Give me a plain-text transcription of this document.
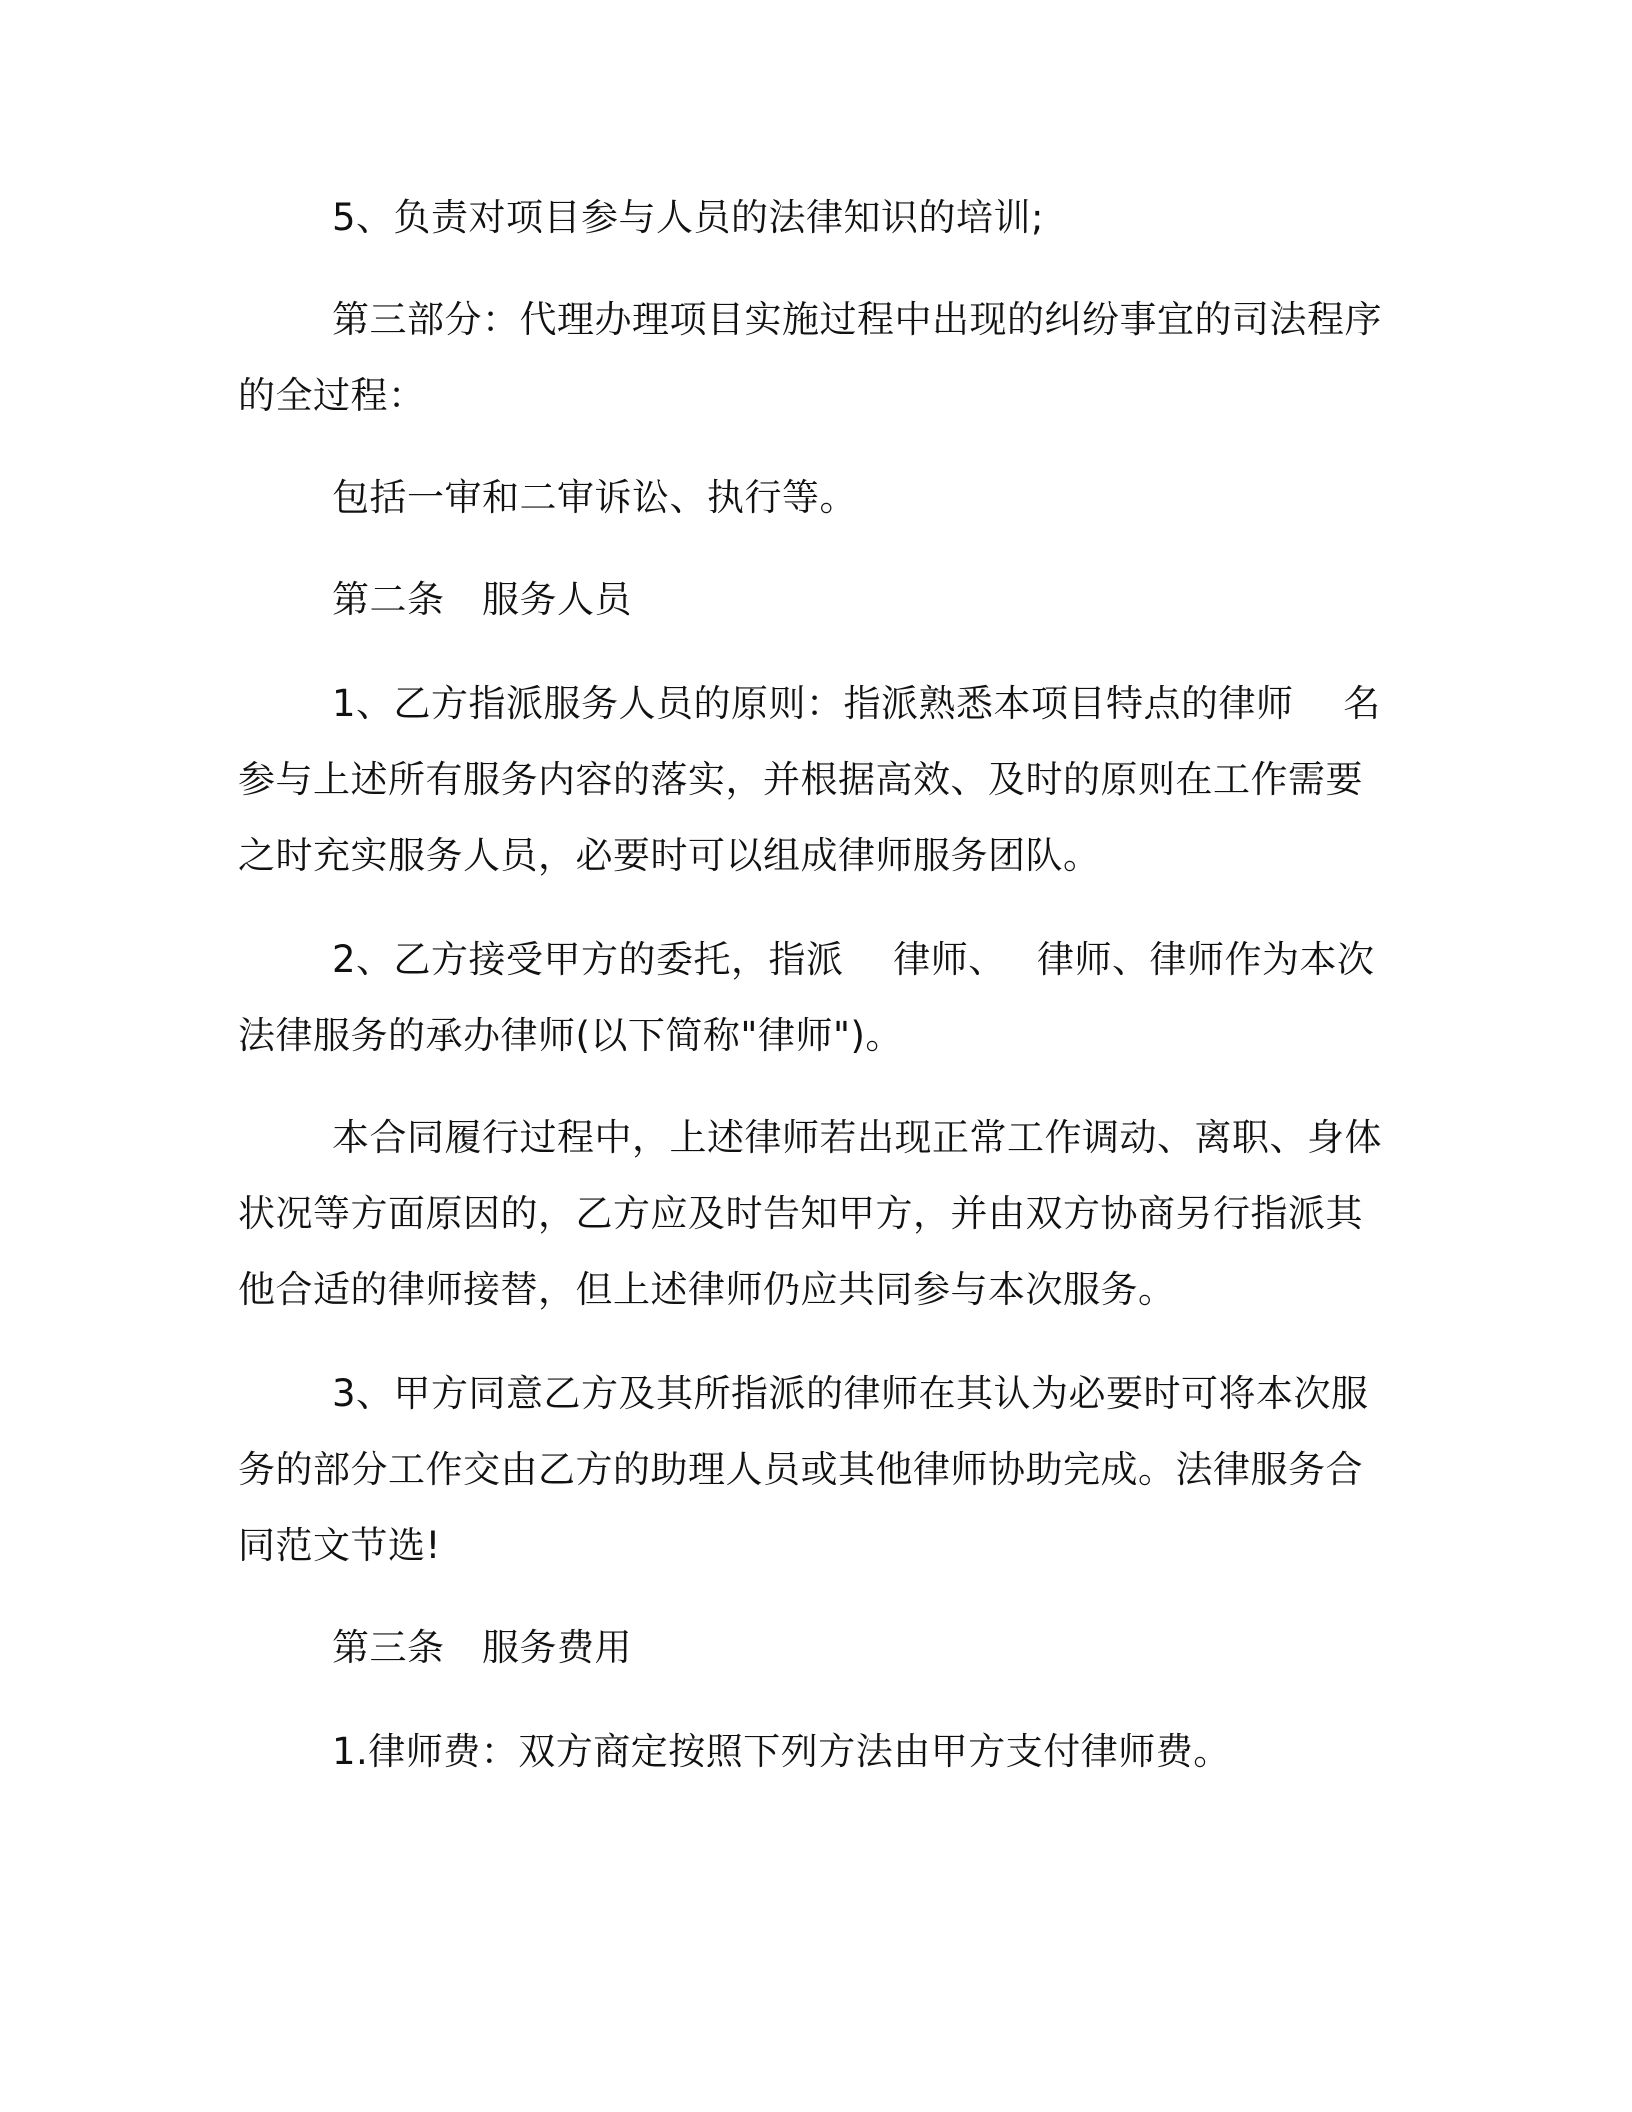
5、负责对项目参与人员的法律知识的培训;

第三部分：代理办理项目实施过程中出现的纠纷事宜的司法程序

的全过程：

包括一审和二审诉讼、执行等。

第二条　服务人员

1、乙方指派服务人员的原则：指派熟悉本项目特点的律师　 名

参与上述所有服务内容的落实，并根据高效、及时的原则在工作需要

之时充实服务人员，必要时可以组成律师服务团队。

2、乙方接受甲方的委托，指派　 律师、　 律师、律师作为本次

法律服务的承办律师(以下简称"律师")。

本合同履行过程中，上述律师若出现正常工作调动、离职、身体

状况等方面原因的，乙方应及时告知甲方，并由双方协商另行指派其

他合适的律师接替，但上述律师仍应共同参与本次服务。

3、甲方同意乙方及其所指派的律师在其认为必要时可将本次服

务的部分工作交由乙方的助理人员或其他律师协助完成。法律服务合

同范文节选!

第三条　服务费用

1.律师费：双方商定按照下列方法由甲方支付律师费。
